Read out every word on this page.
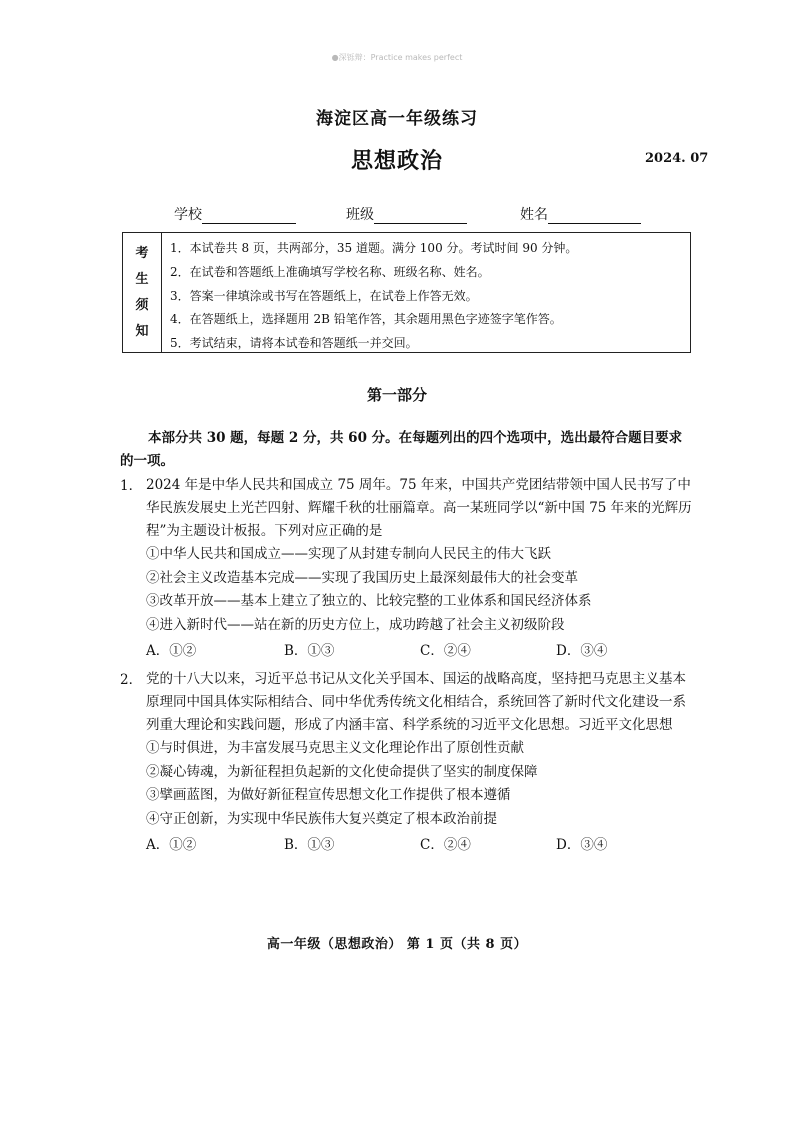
●深铄辩：Practice makes perfect
海淀区高一年级练习
思想政治	2024. 07
学校	班级	姓名
考
生
须
知
1．本试卷共 8 页，共两部分，35 道题。满分 100 分。考试时间 90 分钟。
2．在试卷和答题纸上准确填写学校名称、班级名称、姓名。
3．答案一律填涂或书写在答题纸上，在试卷上作答无效。
4．在答题纸上，选择题用 2B 铅笔作答，其余题用黑色字迹签字笔作答。
5．考试结束，请将本试卷和答题纸一并交回。
第一部分
本部分共 30 题，每题 2 分，共 60 分。在每题列出的四个选项中，选出最符合题目要求的一项。
1． 2024 年是中华人民共和国成立 75 周年。75 年来，中国共产党团结带领中国人民书写了中华民族发展史上光芒四射、辉耀千秋的壮丽篇章。高一某班同学以“新中国 75 年来的光辉历程”为主题设计板报。下列对应正确的是
①中华人民共和国成立——实现了从封建专制向人民民主的伟大飞跃
②社会主义改造基本完成——实现了我国历史上最深刻最伟大的社会变革
③改革开放——基本上建立了独立的、比较完整的工业体系和国民经济体系
④进入新时代——站在新的历史方位上，成功跨越了社会主义初级阶段
A．①②	B．①③	C．②④	D．③④
2． 党的十八大以来，习近平总书记从文化关乎国本、国运的战略高度，坚持把马克思主义基本原理同中国具体实际相结合、同中华优秀传统文化相结合，系统回答了新时代文化建设一系列重大理论和实践问题，形成了内涵丰富、科学系统的习近平文化思想。习近平文化思想
①与时俱进，为丰富发展马克思主义文化理论作出了原创性贡献
②凝心铸魂，为新征程担负起新的文化使命提供了坚实的制度保障
③擘画蓝图，为做好新征程宣传思想文化工作提供了根本遵循
④守正创新，为实现中华民族伟大复兴奠定了根本政治前提
A．①②	B．①③	C．②④	D．③④
高一年级（思想政治） 第 1 页（共 8 页）
